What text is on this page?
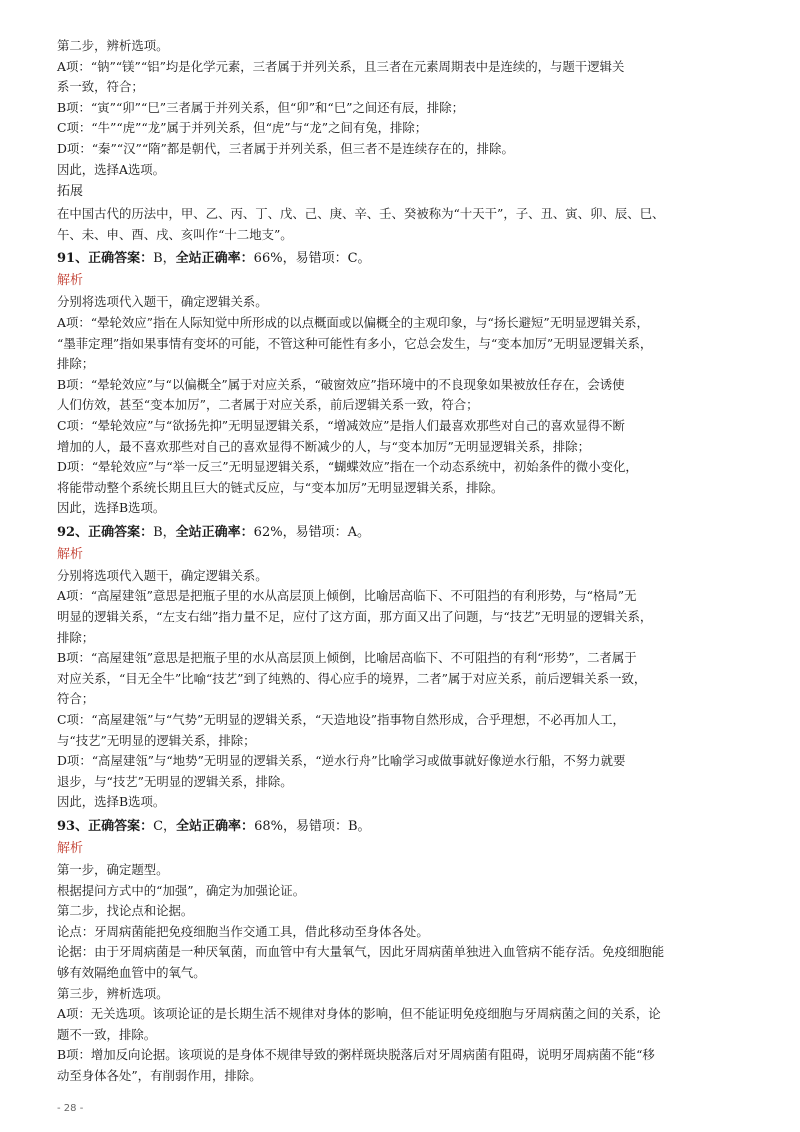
第二步，辨析选项。
A项：“钠”“镁”“铝”均是化学元素，三者属于并列关系，且三者在元素周期表中是连续的，与题干逻辑关
系一致，符合；
B项：“寅”“卯”“巳”三者属于并列关系，但“卯”和“巳”之间还有辰，排除；
C项：“牛”“虎”“龙”属于并列关系，但“虎”与“龙”之间有兔，排除；
D项：“秦”“汉”“隋”都是朝代，三者属于并列关系，但三者不是连续存在的，排除。
因此，选择A选项。
拓展
在中国古代的历法中，甲、乙、丙、丁、戊、己、庚、辛、壬、癸被称为“十天干”，子、丑、寅、卯、辰、巳、
午、未、申、酉、戌、亥叫作“十二地支”。
91、正确答案：B，全站正确率：66%，易错项：C。
解析
分别将选项代入题干，确定逻辑关系。
A项：“晕轮效应”指在人际知觉中所形成的以点概面或以偏概全的主观印象，与“扬长避短”无明显逻辑关系，
“墨菲定理”指如果事情有变坏的可能，不管这种可能性有多小，它总会发生，与“变本加厉”无明显逻辑关系，
排除；
B项：“晕轮效应”与“以偏概全”属于对应关系，“破窗效应”指环境中的不良现象如果被放任存在，会诱使
人们仿效，甚至“变本加厉”，二者属于对应关系，前后逻辑关系一致，符合；
C项：“晕轮效应”与“欲扬先抑”无明显逻辑关系，“增减效应”是指人们最喜欢那些对自己的喜欢显得不断
增加的人，最不喜欢那些对自己的喜欢显得不断减少的人，与“变本加厉”无明显逻辑关系，排除；
D项：“晕轮效应”与“举一反三”无明显逻辑关系，“蝴蝶效应”指在一个动态系统中，初始条件的微小变化，
将能带动整个系统长期且巨大的链式反应，与“变本加厉”无明显逻辑关系，排除。
因此，选择B选项。
92、正确答案：B，全站正确率：62%，易错项：A。
解析
分别将选项代入题干，确定逻辑关系。
A项：“高屋建瓴”意思是把瓶子里的水从高层顶上倾倒，比喻居高临下、不可阻挡的有利形势，与“格局”无
明显的逻辑关系，“左支右绌”指力量不足，应付了这方面，那方面又出了问题，与“技艺”无明显的逻辑关系，
排除；
B项：“高屋建瓴”意思是把瓶子里的水从高层顶上倾倒，比喻居高临下、不可阻挡的有利“形势”，二者属于
对应关系，“目无全牛”比喻“技艺”到了纯熟的、得心应手的境界，二者”属于对应关系，前后逻辑关系一致，
符合；
C项：“高屋建瓴”与“气势”无明显的逻辑关系，“天造地设”指事物自然形成，合乎理想，不必再加人工，
与“技艺”无明显的逻辑关系，排除；
D项：“高屋建瓴”与“地势”无明显的逻辑关系，“逆水行舟”比喻学习或做事就好像逆水行船，不努力就要
退步，与“技艺”无明显的逻辑关系，排除。
因此，选择B选项。
93、正确答案：C，全站正确率：68%，易错项：B。
解析
第一步，确定题型。
根据提问方式中的“加强”，确定为加强论证。
第二步，找论点和论据。
论点：牙周病菌能把免疫细胞当作交通工具，借此移动至身体各处。
论据：由于牙周病菌是一种厌氧菌，而血管中有大量氧气，因此牙周病菌单独进入血管病不能存活。免疫细胞能
够有效隔绝血管中的氧气。
第三步，辨析选项。
A项：无关选项。该项论证的是长期生活不规律对身体的影响，但不能证明免疫细胞与牙周病菌之间的关系，论
题不一致，排除。
B项：增加反向论据。该项说的是身体不规律导致的粥样斑块脱落后对牙周病菌有阻碍，说明牙周病菌不能“移
动至身体各处”，有削弱作用，排除。
- 28 -
